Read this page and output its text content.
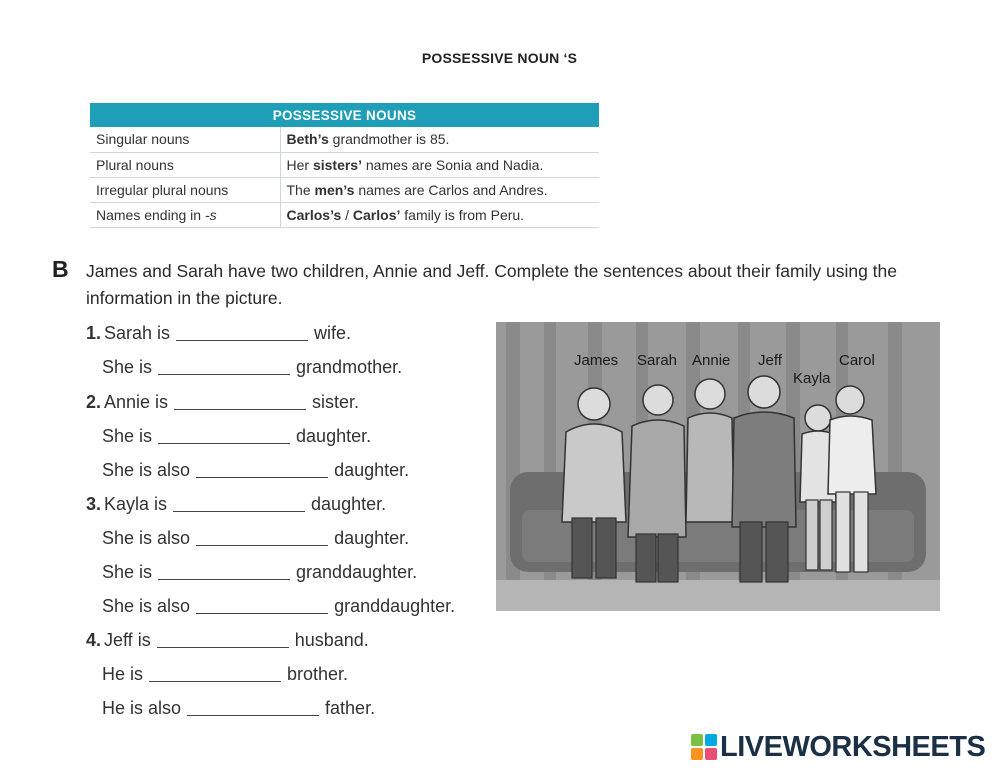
POSSESSIVE NOUN ‘S
POSSESSIVE NOUNS	
Singular nouns	Beth’s grandmother is 85.
Plural nouns	Her sisters’ names are Sonia and Nadia.
Irregular plural nouns	The men’s names are Carlos and Andres.
Names ending in -s	Carlos’s / Carlos’ family is from Peru.
B James and Sarah have two children, Annie and Jeff. Complete the sentences about their family using the information in the picture.
1. Sarah is	wife.
She is	grandmother.
2. Annie is	sister.
She is	daughter.
She is also	daughter.
3. Kayla is	daughter.
She is also	daughter.
She is	granddaughter.
She is also	granddaughter.
4. Jeff is	husband.
He is	brother.
He is also	father.
James Sarah Annie Jeff
Kayla
Carol
LIVEWORKSHEETS
